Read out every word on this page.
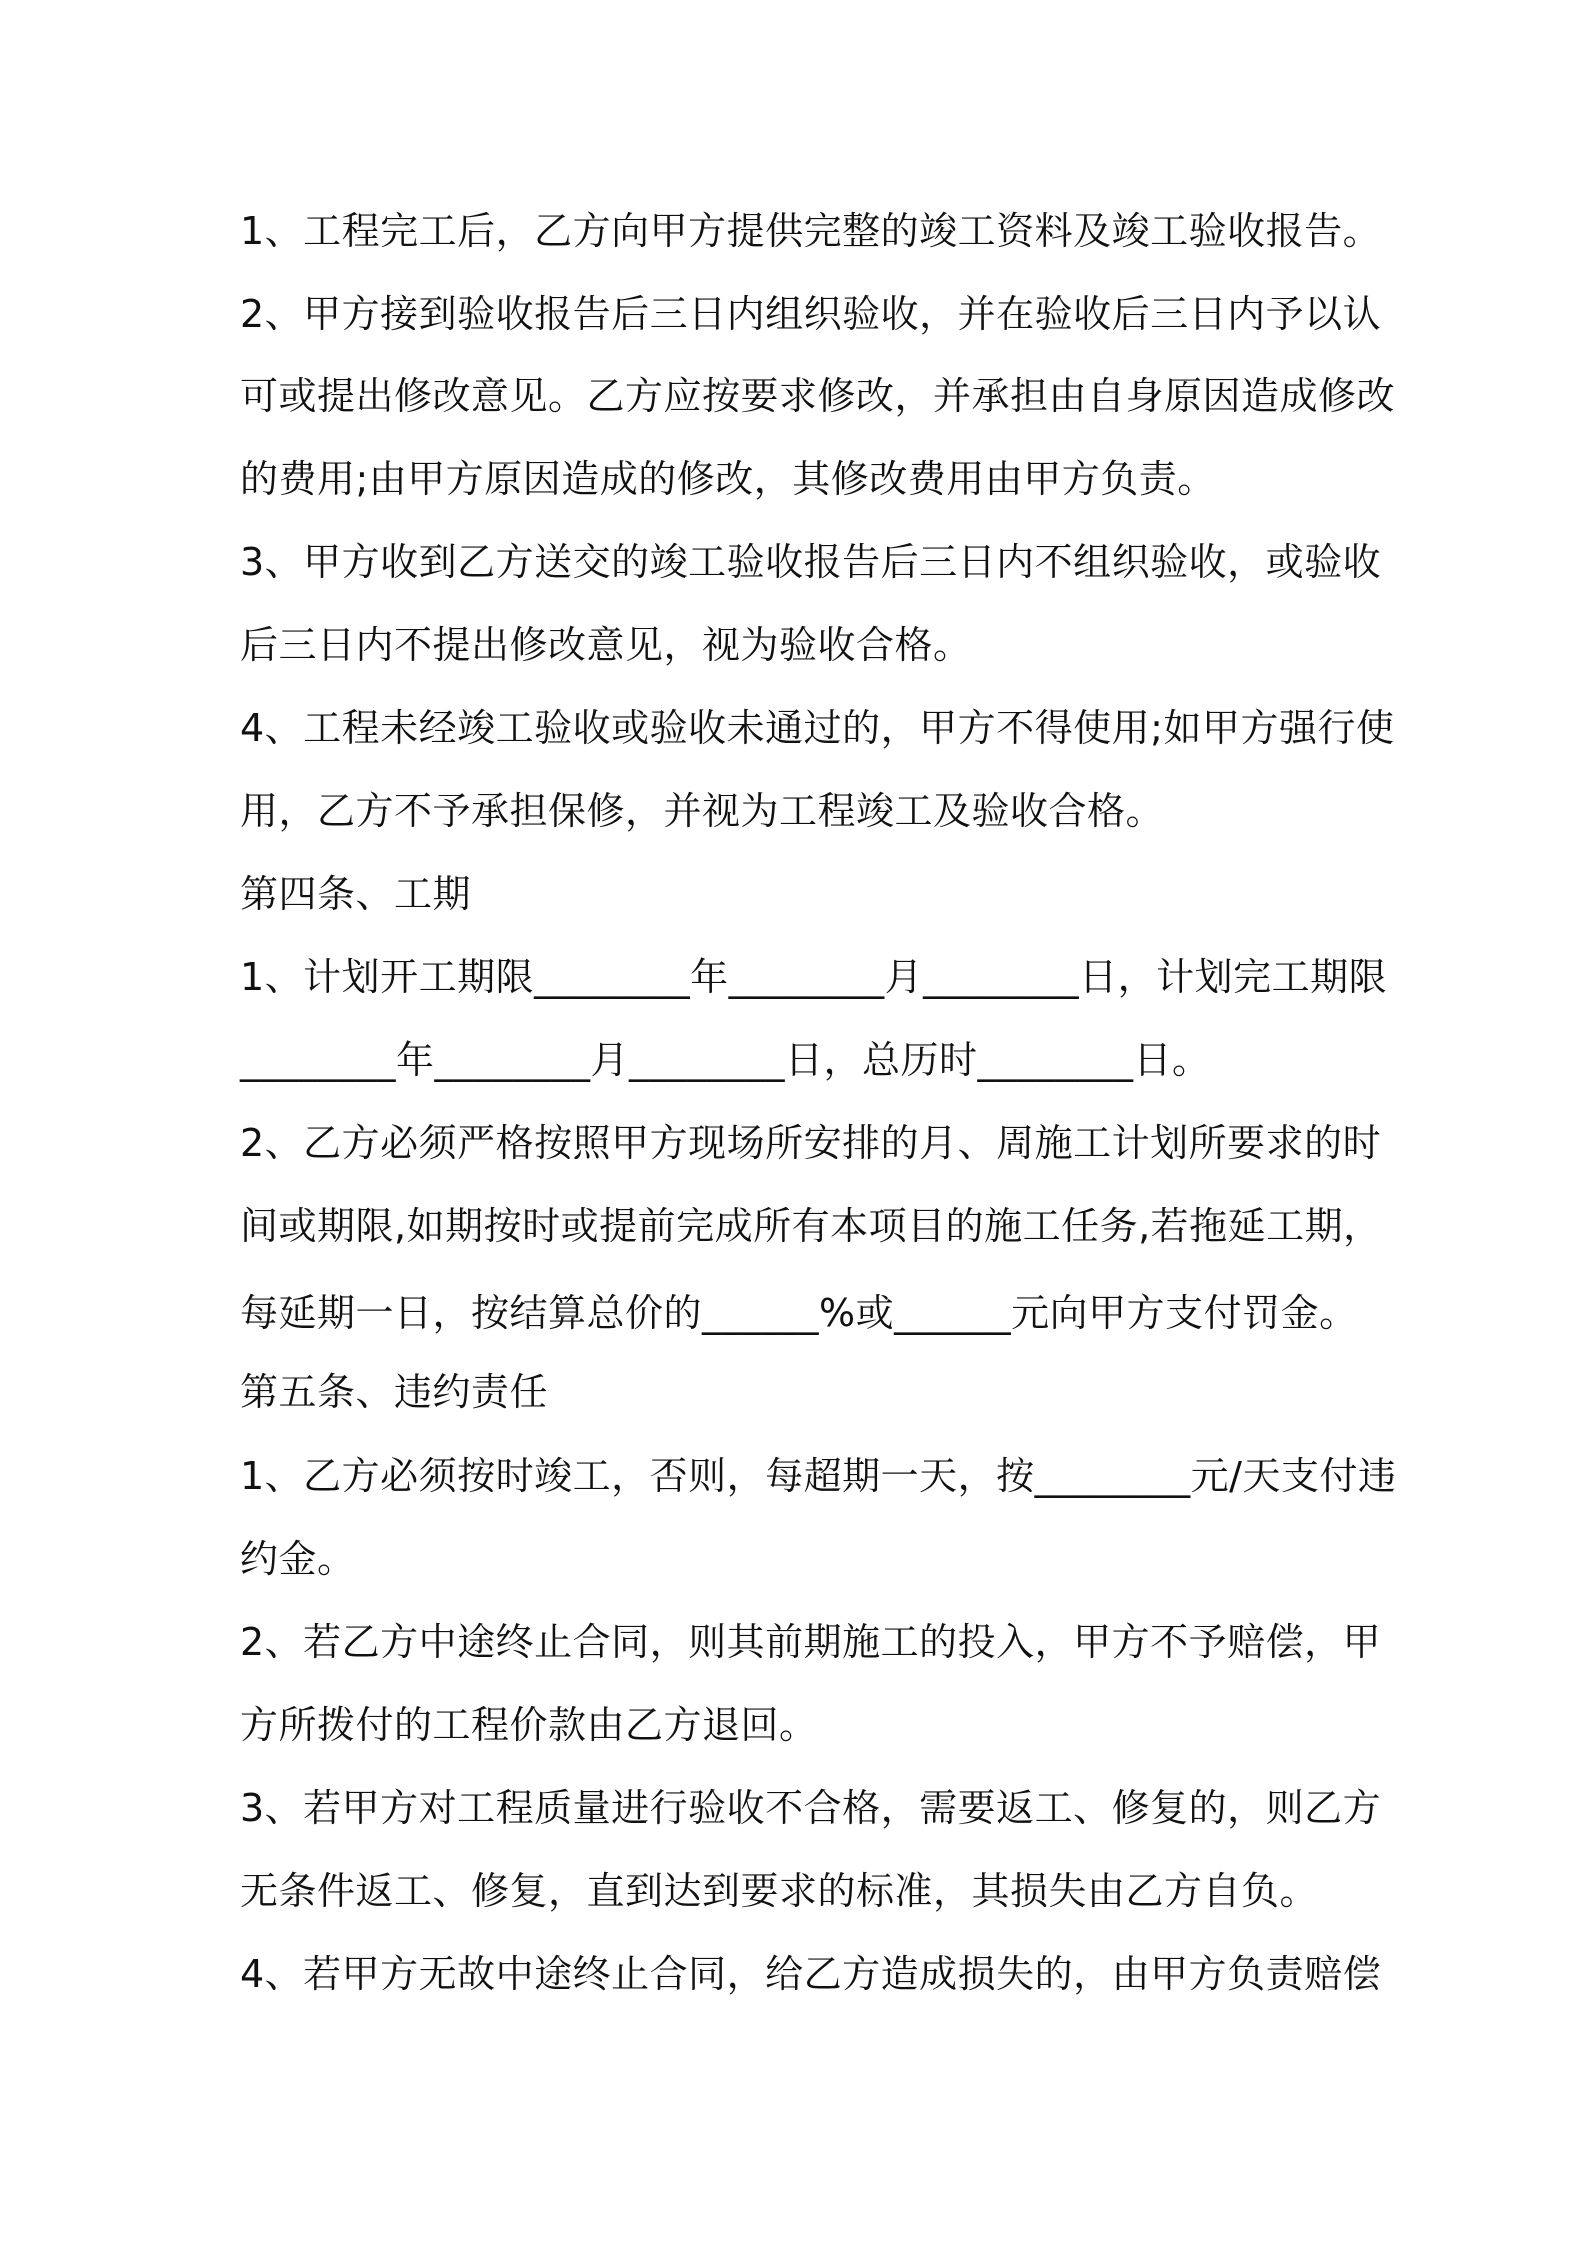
1、工程完工后，乙方向甲方提供完整的竣工资料及竣工验收报告。
2、甲方接到验收报告后三日内组织验收，并在验收后三日内予以认
可或提出修改意见。乙方应按要求修改，并承担由自身原因造成修改
的费用;由甲方原因造成的修改，其修改费用由甲方负责。
3、甲方收到乙方送交的竣工验收报告后三日内不组织验收，或验收
后三日内不提出修改意见，视为验收合格。
4、工程未经竣工验收或验收未通过的，甲方不得使用;如甲方强行使
用，乙方不予承担保修，并视为工程竣工及验收合格。
第四条、工期
1、计划开工期限________年________月________日，计划完工期限
________年________月________日，总历时________日。
2、乙方必须严格按照甲方现场所安排的月、周施工计划所要求的时
间或期限,如期按时或提前完成所有本项目的施工任务,若拖延工期，
每延期一日，按结算总价的______%或______元向甲方支付罚金。
第五条、违约责任
1、乙方必须按时竣工，否则，每超期一天，按________元/天支付违
约金。
2、若乙方中途终止合同，则其前期施工的投入，甲方不予赔偿，甲
方所拨付的工程价款由乙方退回。
3、若甲方对工程质量进行验收不合格，需要返工、修复的，则乙方
无条件返工、修复，直到达到要求的标准，其损失由乙方自负。
4、若甲方无故中途终止合同，给乙方造成损失的，由甲方负责赔偿
